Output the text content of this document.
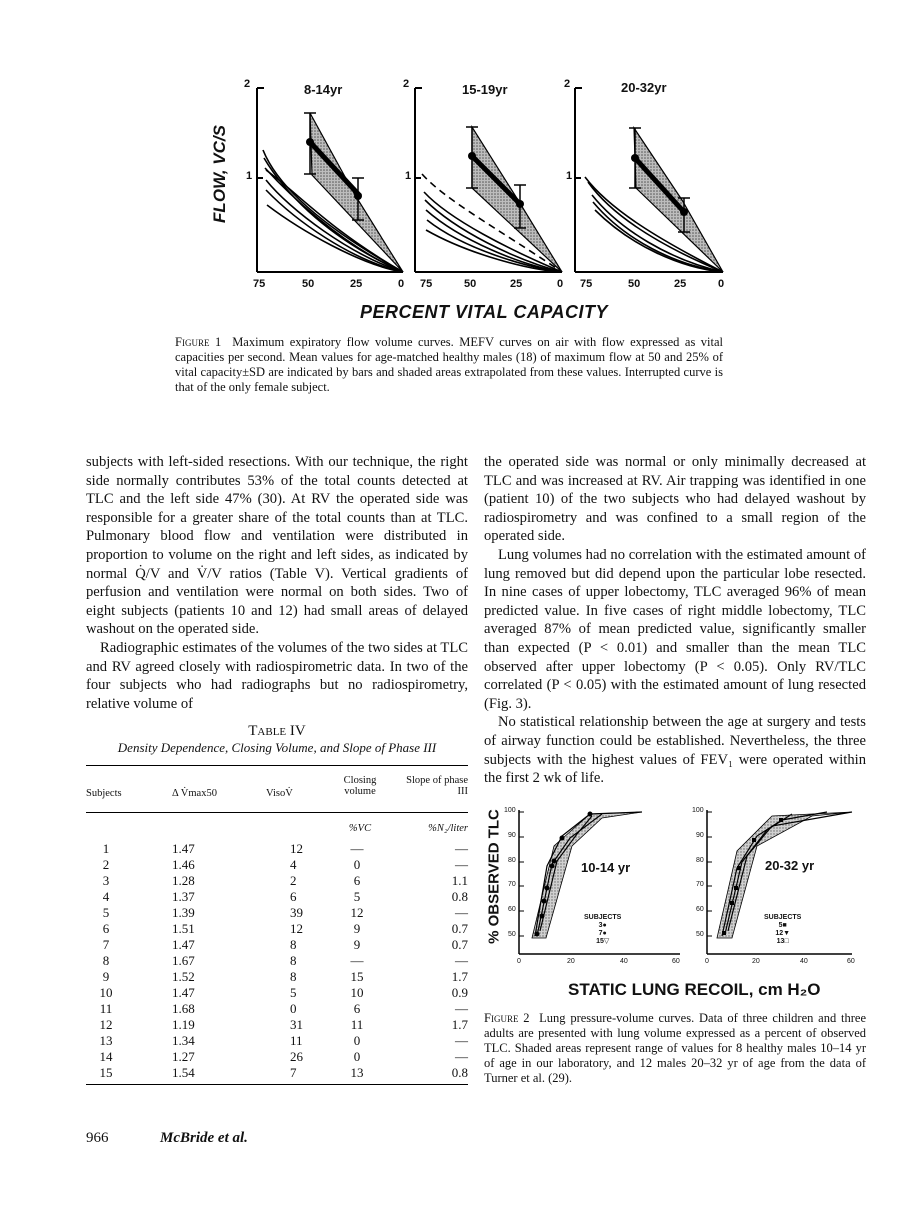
2
1
2
1
2
1
8-14yr	15-19yr	20-32yr
FLOW, VC/S
75	50	25	0 75	50	25	0 75	50	25	0
PERCENT VITAL CAPACITY
Figure 1 Maximum expiratory flow volume curves. MEFV curves on air with flow expressed as vital capacities per second. Mean values for age-matched healthy males (18) of maximum flow at 50 and 25% of vital capacity±SD are indicated by bars and shaded areas extrapolated from these values. Interrupted curve is that of the only female subject.

subjects with left-sided resections. With our technique, the right side normally contributes 53% of the total counts detected at TLC and the left side 47% (30). At RV the operated side was responsible for a greater share of the total counts than at TLC. Pulmonary blood flow and ventilation were distributed in proportion to volume on the right and left sides, as indicated by normal Q̇/V and V̇/V ratios (Table V). Vertical gradients of perfusion and ventilation were normal on both sides. Two of eight subjects (patients 10 and 12) had small areas of delayed washout on the operated side.

Radiographic estimates of the volumes of the two sides at TLC and RV agreed closely with radiospirometric data. In two of the four subjects who had radiographs but no radiospirometry, relative volume of

Table IV
Density Dependence, Closing Volume, and Slope of Phase III
Subjects	Δ V̇max50	VisoV̇
Closing volume
Slope of phase III
%VC	%N₂/liter
1	1.47	12	—	—
2	1.46	4	0	—
3	1.28	2	6	1.1
4	1.37	6	5	0.8
5	1.39	39	12	—
6	1.51	12	9	0.7
7	1.47	8	9	0.7
8	1.67	8	—	—
9	1.52	8	15	1.7
10	1.47	5	10	0.9
11	1.68	0	6	—
12	1.19	31	11	1.7
13	1.34	11	0	—
14	1.27	26	0	—
15	1.54	7	13	0.8

the operated side was normal or only minimally decreased at TLC and was increased at RV. Air trapping was identified in one (patient 10) of the two subjects who had delayed washout by radiospirometry and was confined to a small region of the operated side.

Lung volumes had no correlation with the estimated amount of lung removed but did depend upon the particular lobe resected. In nine cases of upper lobectomy, TLC averaged 96% of mean predicted value. In five cases of right middle lobectomy, TLC averaged 87% of mean predicted value, significantly smaller than expected (P < 0.01) and smaller than the mean TLC observed after upper lobectomy (P < 0.05). Only RV/TLC correlated (P < 0.05) with the estimated amount of lung resected (Fig. 3).

No statistical relationship between the age at surgery and tests of airway function could be established. Nevertheless, the three subjects with the highest values of FEV₁ were operated within the first 2 wk of life.

% OBSERVED TLC 100
90
80
70
60
50
100
90
80
70
60
50
0	20	40	60	0	20	40	60
10-14 yr	20-32 yr
SUBJECTS
3●
7●
15▽
SUBJECTS
5■
12▼
13□
STATIC LUNG RECOIL, cm H₂O
Figure 2 Lung pressure-volume curves. Data of three children and three adults are presented with lung volume expressed as a percent of observed TLC. Shaded areas represent range of values for 8 healthy males 10–14 yr of age in our laboratory, and 12 males 20–32 yr of age from the data of Turner et al. (29).
966	McBride et al.
